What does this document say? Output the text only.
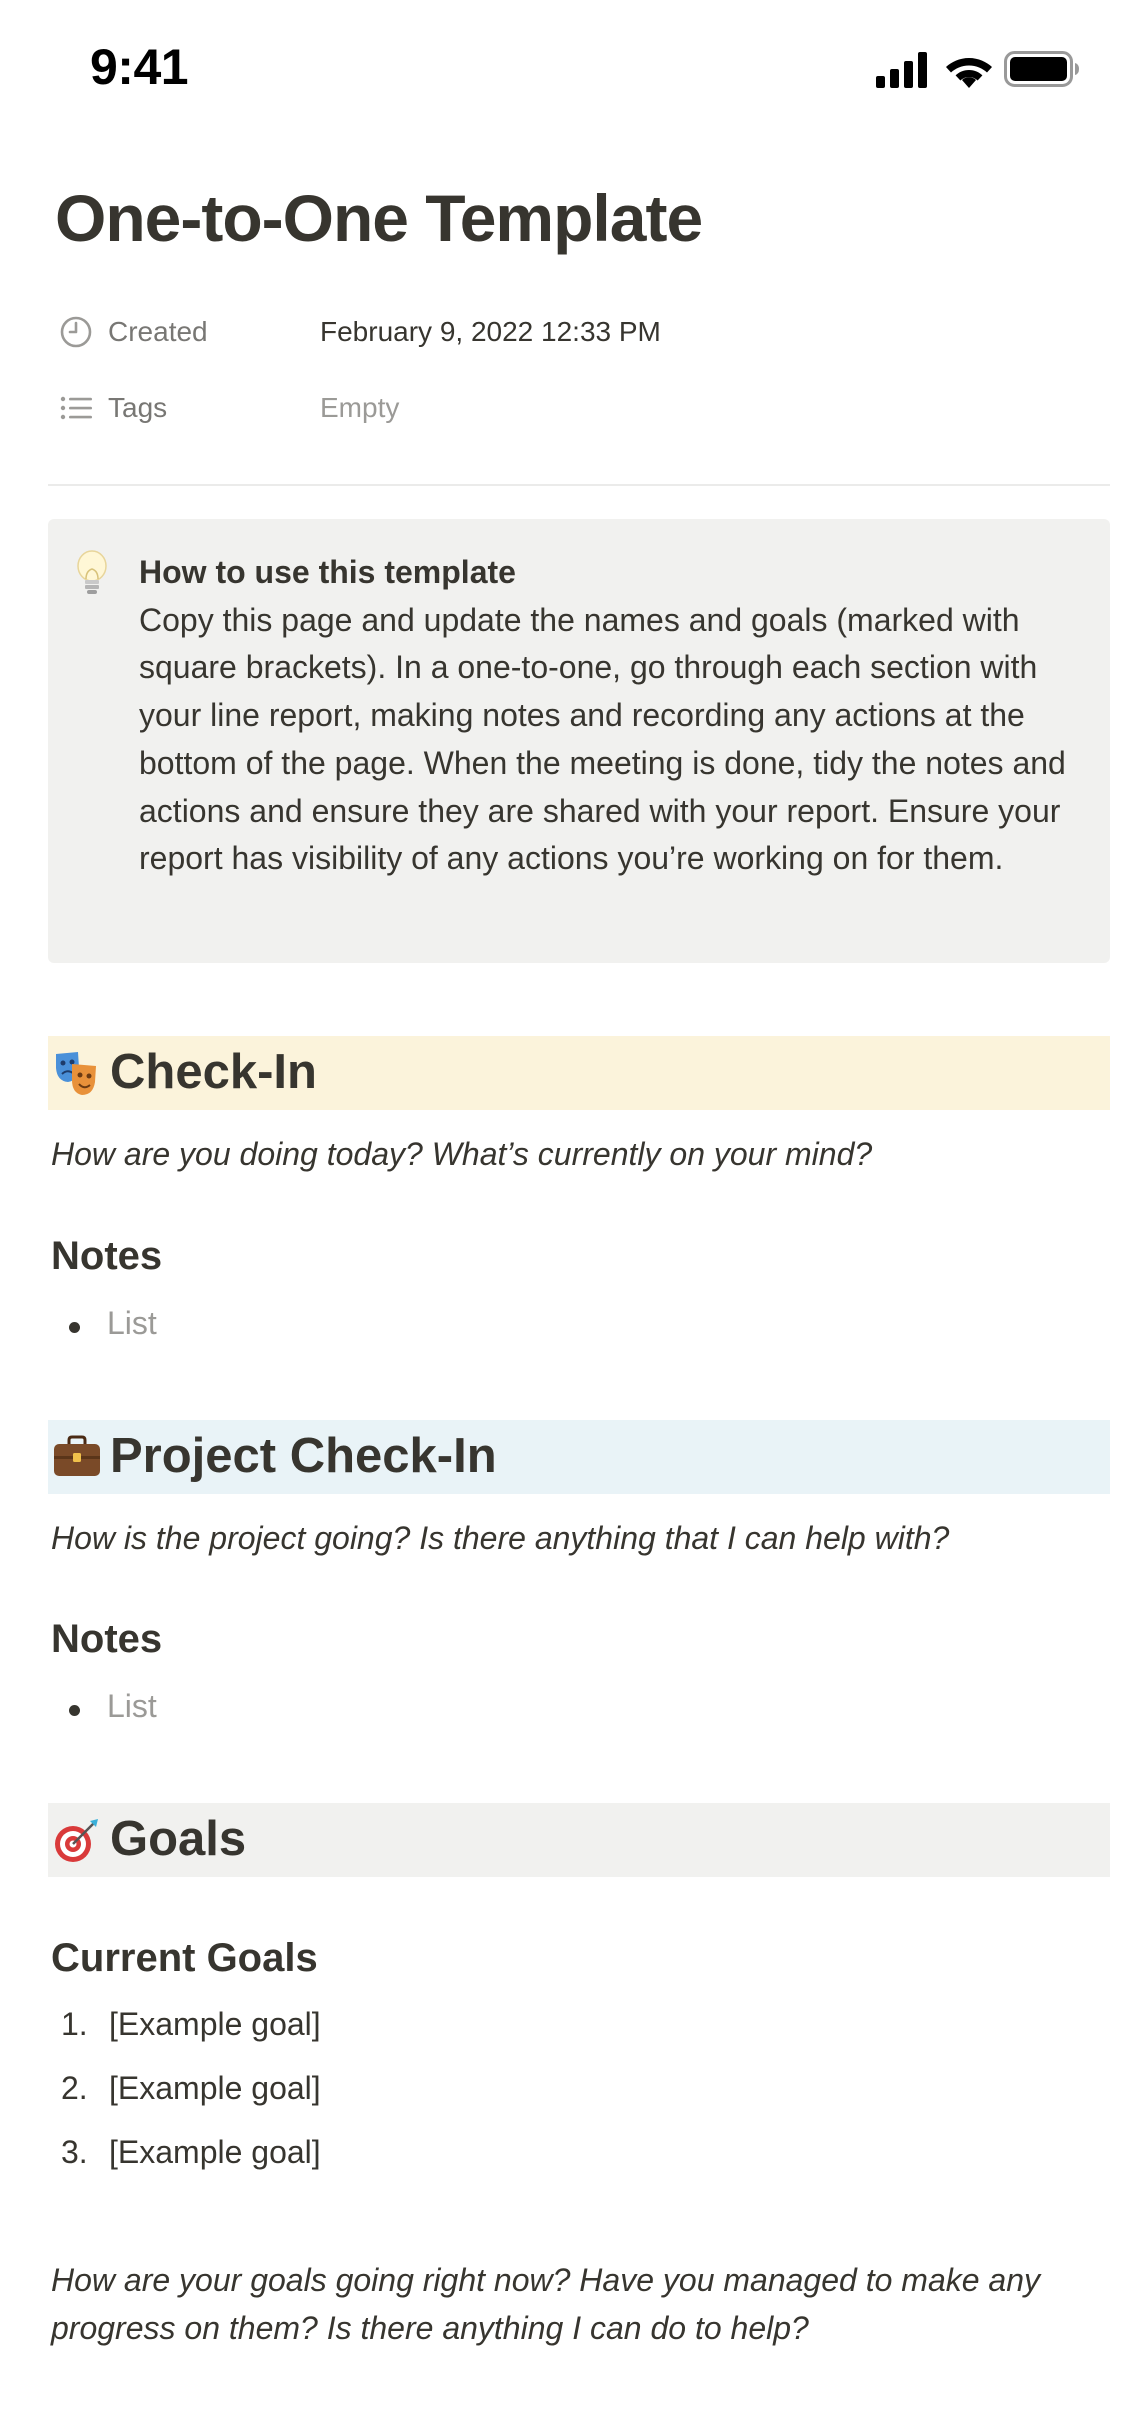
9:41
One-to-One Template
Created	February 9, 2022 12:33 PM
Tags	Empty
How to use this template
Copy this page and update the names and goals (marked with square brackets). In a one-to-one, go through each section with your line report, making notes and recording any actions at the bottom of the page. When the meeting is done, tidy the notes and actions and ensure they are shared with your report. Ensure your report has visibility of any actions you’re working on for them.
Check-In
How are you doing today? What’s currently on your mind?
Notes
List
Project Check-In
How is the project going? Is there anything that I can help with?
Notes
List
Goals
Current Goals
1. [Example goal]
2. [Example goal]
3. [Example goal]
How are your goals going right now? Have you managed to make any progress on them? Is there anything I can do to help?
